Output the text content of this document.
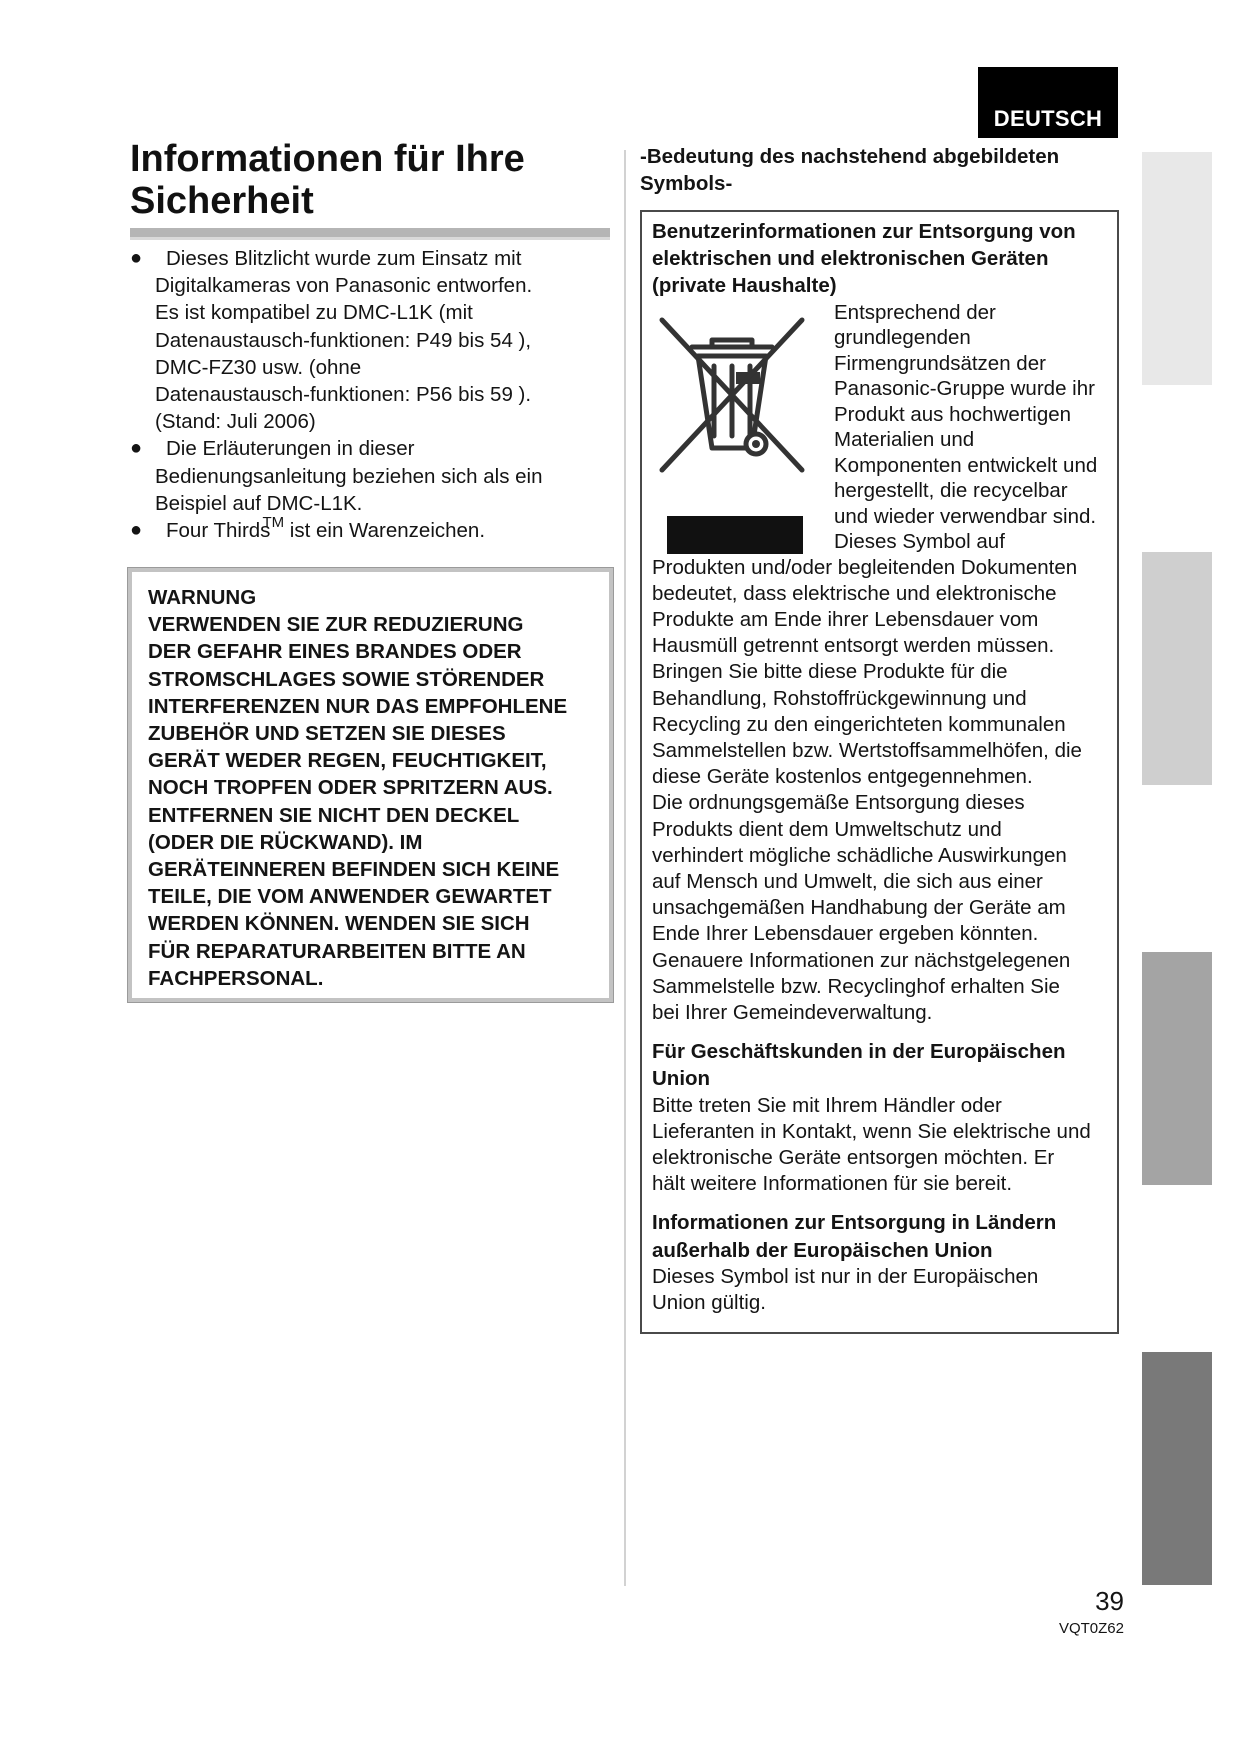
DEUTSCH
Informationen für Ihre
Sicherheit
●	Dieses Blitzlicht wurde zum Einsatz mit
Digitalkameras von Panasonic entworfen.
Es ist kompatibel zu DMC-L1K (mit
Datenaustausch-funktionen: P49 bis 54 ),
DMC-FZ30 usw. (ohne
Datenaustausch-funktionen: P56 bis 59 ).
(Stand: Juli 2006)
●	Die Erläuterungen in dieser
Bedienungsanleitung beziehen sich als ein
Beispiel auf DMC-L1K.
●	Four Thirds™ ist ein Warenzeichen.
WARNUNG
VERWENDEN SIE ZUR REDUZIERUNG
DER GEFAHR EINES BRANDES ODER
STROMSCHLAGES SOWIE STÖRENDER
INTERFERENZEN NUR DAS EMPFOHLENE
ZUBEHÖR UND SETZEN SIE DIESES
GERÄT WEDER REGEN, FEUCHTIGKEIT,
NOCH TROPFEN ODER SPRITZERN AUS.
ENTFERNEN SIE NICHT DEN DECKEL
(ODER DIE RÜCKWAND). IM
GERÄTEINNEREN BEFINDEN SICH KEINE
TEILE, DIE VOM ANWENDER GEWARTET
WERDEN KÖNNEN. WENDEN SIE SICH
FÜR REPARATURARBEITEN BITTE AN
FACHPERSONAL.
-Bedeutung des nachstehend abgebildeten
Symbols-
Benutzerinformationen zur Entsorgung von
elektrischen und elektronischen Geräten
(private Haushalte)
Entsprechend der
grundlegenden
Firmengrundsätzen der
Panasonic-Gruppe wurde ihr
Produkt aus hochwertigen
Materialien und
Komponenten entwickelt und
hergestellt, die recycelbar
und wieder verwendbar sind.
Dieses Symbol auf
Produkten und/oder begleitenden Dokumenten
bedeutet, dass elektrische und elektronische
Produkte am Ende ihrer Lebensdauer vom
Hausmüll getrennt entsorgt werden müssen.
Bringen Sie bitte diese Produkte für die
Behandlung, Rohstoffrückgewinnung und
Recycling zu den eingerichteten kommunalen
Sammelstellen bzw. Wertstoffsammelhöfen, die
diese Geräte kostenlos entgegennehmen.
Die ordnungsgemäße Entsorgung dieses
Produkts dient dem Umweltschutz und
verhindert mögliche schädliche Auswirkungen
auf Mensch und Umwelt, die sich aus einer
unsachgemäßen Handhabung der Geräte am
Ende Ihrer Lebensdauer ergeben könnten.
Genauere Informationen zur nächstgelegenen
Sammelstelle bzw. Recyclinghof erhalten Sie
bei Ihrer Gemeindeverwaltung.
Für Geschäftskunden in der Europäischen
Union
Bitte treten Sie mit Ihrem Händler oder
Lieferanten in Kontakt, wenn Sie elektrische und
elektronische Geräte entsorgen möchten. Er
hält weitere Informationen für sie bereit.
Informationen zur Entsorgung in Ländern
außerhalb der Europäischen Union
Dieses Symbol ist nur in der Europäischen
Union gültig.
39
VQT0Z62
